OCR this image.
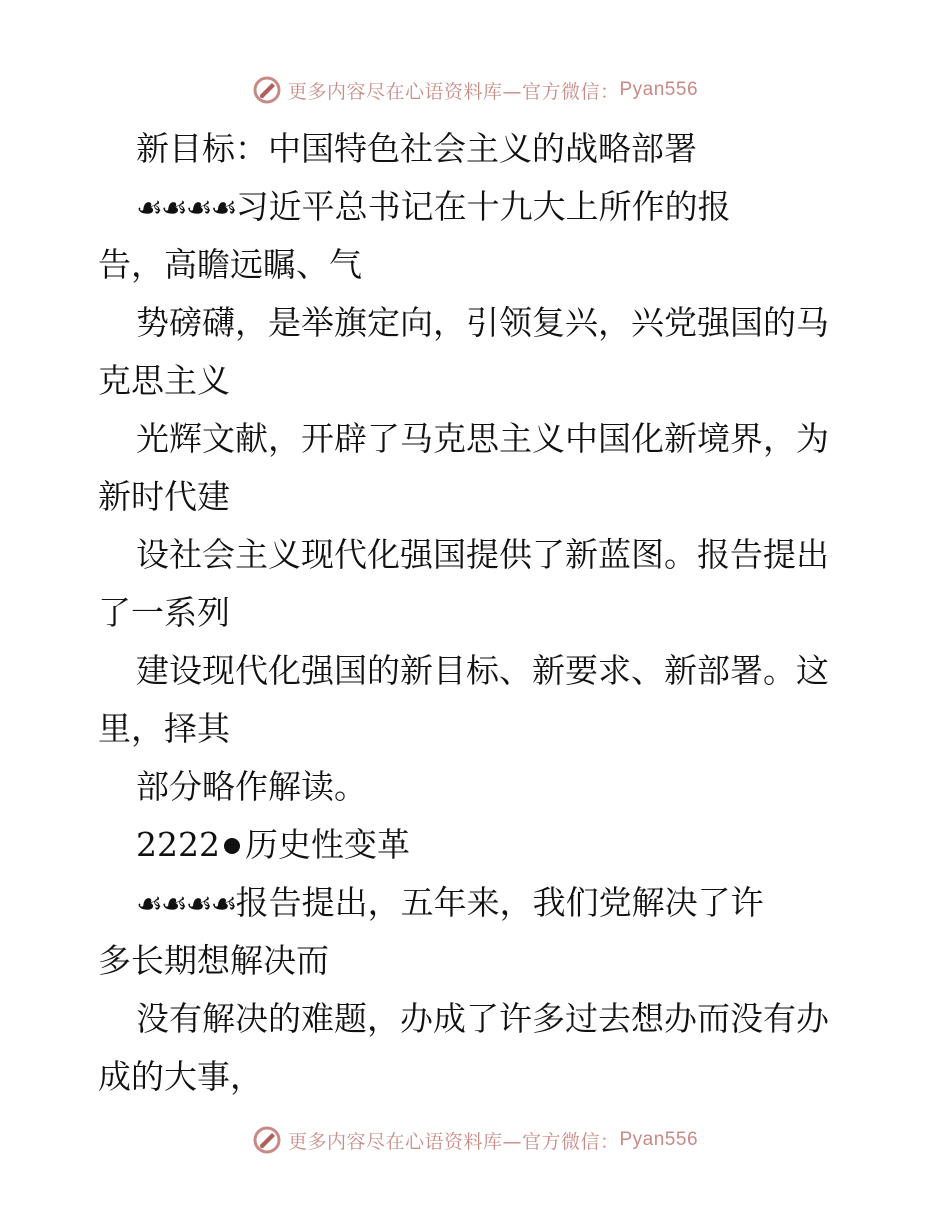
更多内容尽在心语资料库—官方微信： Pyan556
新目标：中国特色社会主义的战略部署
☙☙☙☙习近平总书记在十九大上所作的报
告，高瞻远瞩、气
势磅礴，是举旗定向，引领复兴，兴党强国的马
克思主义
光辉文献，开辟了马克思主义中国化新境界，为
新时代建
设社会主义现代化强国提供了新蓝图。报告提出
了一系列
建设现代化强国的新目标、新要求、新部署。这
里，择其
部分略作解读。
2222 历史性变革
☙☙☙☙报告提出，五年来，我们党解决了许
多长期想解决而
没有解决的难题，办成了许多过去想办而没有办
成的大事，
更多内容尽在心语资料库—官方微信： Pyan556
